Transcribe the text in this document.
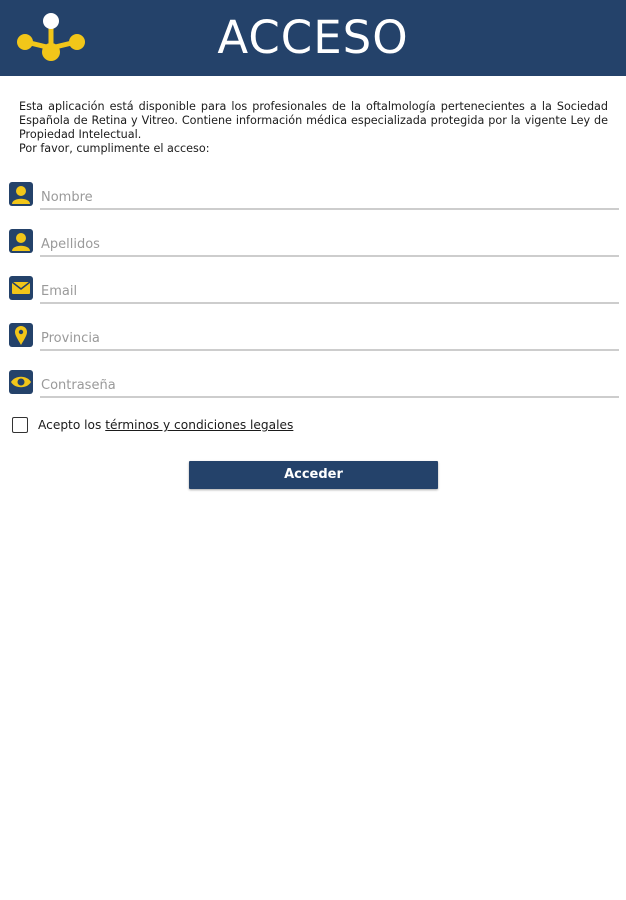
ACCESO

Esta aplicación está disponible para los profesionales de la oftalmología pertenecientes a la Sociedad Española de Retina y Vitreo. Contiene información médica especializada protegida por la vigente Ley de Propiedad Intelectual.

Por favor, cumplimente el acceso:

Nombre
Apellidos
Email
Provincia
Acepto los términos y condiciones legales
Acceder
